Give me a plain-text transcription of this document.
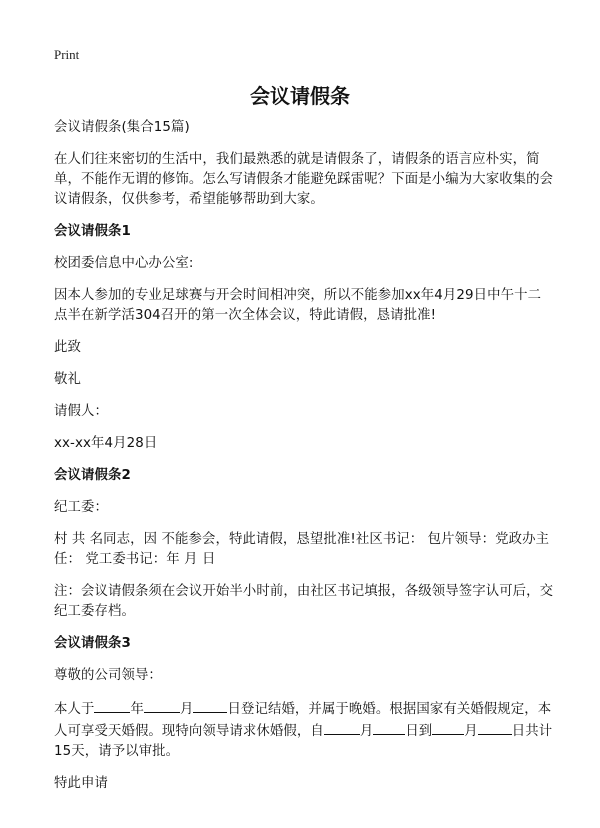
Print
会议请假条

会议请假条(集合15篇)

在人们往来密切的生活中，我们最熟悉的就是请假条了，请假条的语言应朴实，简单，不能作无谓的修饰。怎么写请假条才能避免踩雷呢？下面是小编为大家收集的会议请假条，仅供参考，希望能够帮助到大家。

会议请假条1

校团委信息中心办公室:

因本人参加的专业足球赛与开会时间相冲突，所以不能参加xx年4月29日中午十二点半在新学活304召开的第一次全体会议，特此请假，恳请批准!

此致

敬礼

请假人：

xx-xx年4月28日

会议请假条2

纪工委：

村 共 名同志，因 不能参会，特此请假，恳望批准!社区书记： 包片领导：党政办主任： 党工委书记：年 月 日

注：会议请假条须在会议开始半小时前，由社区书记填报，各级领导签字认可后，交纪工委存档。

会议请假条3

尊敬的公司领导：

本人于	年	月	日登记结婚，并属于晚婚。根据国家有关婚假规定，本人可享受天婚假。现特向领导请求休婚假，自	月 日到 月	日共计15天，请予以审批。

特此申请
